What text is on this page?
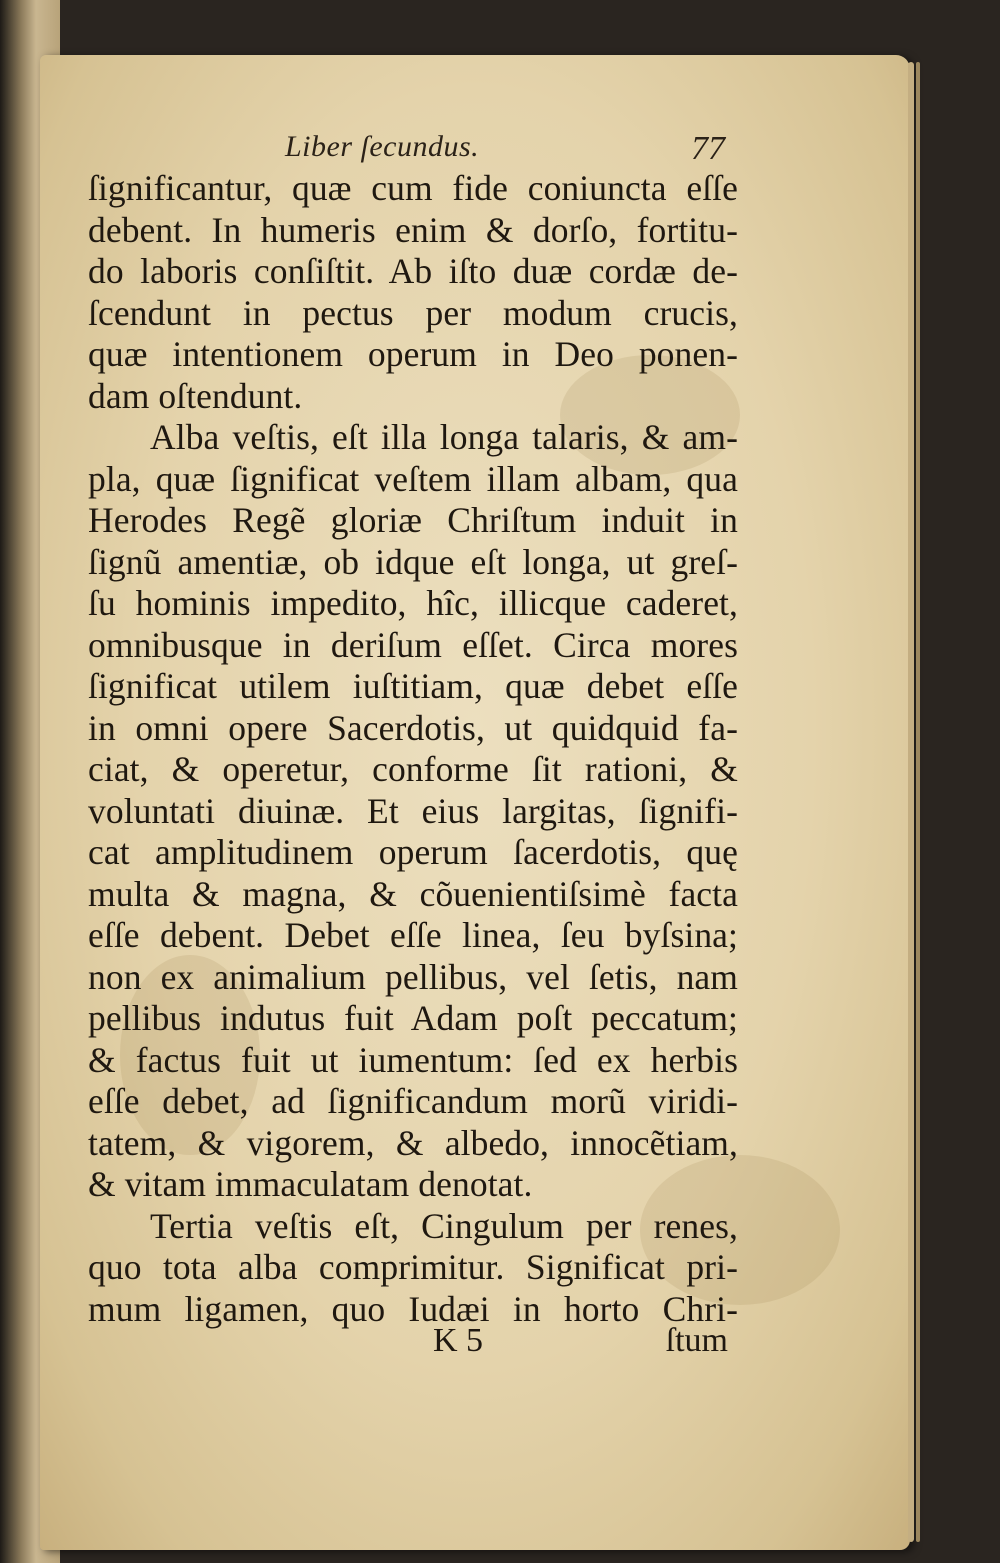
Liber ſecundus.	77
ſignificantur, quæ cum fide coniuncta eſſe
debent. In humeris enim & dorſo, fortitu-
do laboris conſiſtit. Ab iſto duæ cordæ de-
ſcendunt in pectus per modum crucis,
quæ intentionem operum in Deo ponen-
dam oſtendunt.
Alba veſtis, eſt illa longa talaris, & am-
pla, quæ ſignificat veſtem illam albam, qua
Herodes Regẽ gloriæ Chriſtum induit in
ſignũ amentiæ, ob idque eſt longa, ut greſ-
ſu hominis impedito, hîc, illicque caderet,
omnibusque in deriſum eſſet. Circa mores
ſignificat utilem iuſtitiam, quæ debet eſſe
in omni opere Sacerdotis, ut quidquid fa-
ciat, & operetur, conforme ſit rationi, &
voluntati diuinæ. Et eius largitas, ſignifi-
cat amplitudinem operum ſacerdotis, quę
multa & magna, & cõuenientiſsimè facta
eſſe debent. Debet eſſe linea, ſeu byſsina;
non ex animalium pellibus, vel ſetis, nam
pellibus indutus fuit Adam poſt peccatum;
& factus fuit ut iumentum: ſed ex herbis
eſſe debet, ad ſignificandum morũ viridi-
tatem, & vigorem, & albedo, innocẽtiam,
& vitam immaculatam denotat.
Tertia veſtis eſt, Cingulum per renes,
quo tota alba comprimitur. Significat pri-
mum ligamen, quo Iudæi in horto Chri-
K 5	ſtum
